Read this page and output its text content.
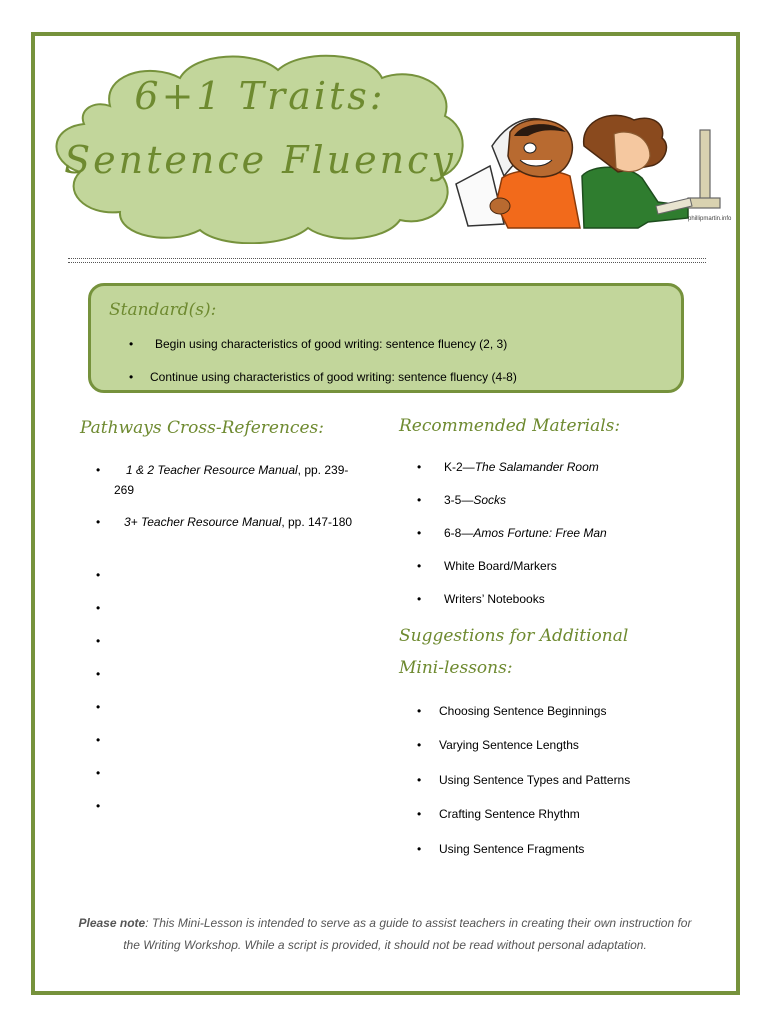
6+1 Traits:
Sentence Fluency
phillipmartin.info
Standard(s):
• Begin using characteristics of good writing: sentence fluency (2, 3)
• Continue using characteristics of good writing: sentence fluency (4-8)
Pathways Cross-References:
•	1 & 2 Teacher Resource Manual, pp. 239-
269
•	3+ Teacher Resource Manual, pp. 147-180
•
•
•
•
•
•
•
•
Recommended Materials:
•	K-2—The Salamander Room
•	3-5—Socks
•	6-8—Amos Fortune: Free Man
•	White Board/Markers
•	Writers’ Notebooks
Suggestions for Additional
Mini-lessons:
•	Choosing Sentence Beginnings
•	Varying Sentence Lengths
•	Using Sentence Types and Patterns
•	Crafting Sentence Rhythm
•	Using Sentence Fragments
Please note: This Mini-Lesson is intended to serve as a guide to assist teachers in creating their own instruction for
the Writing Workshop. While a script is provided, it should not be read without personal adaptation.
